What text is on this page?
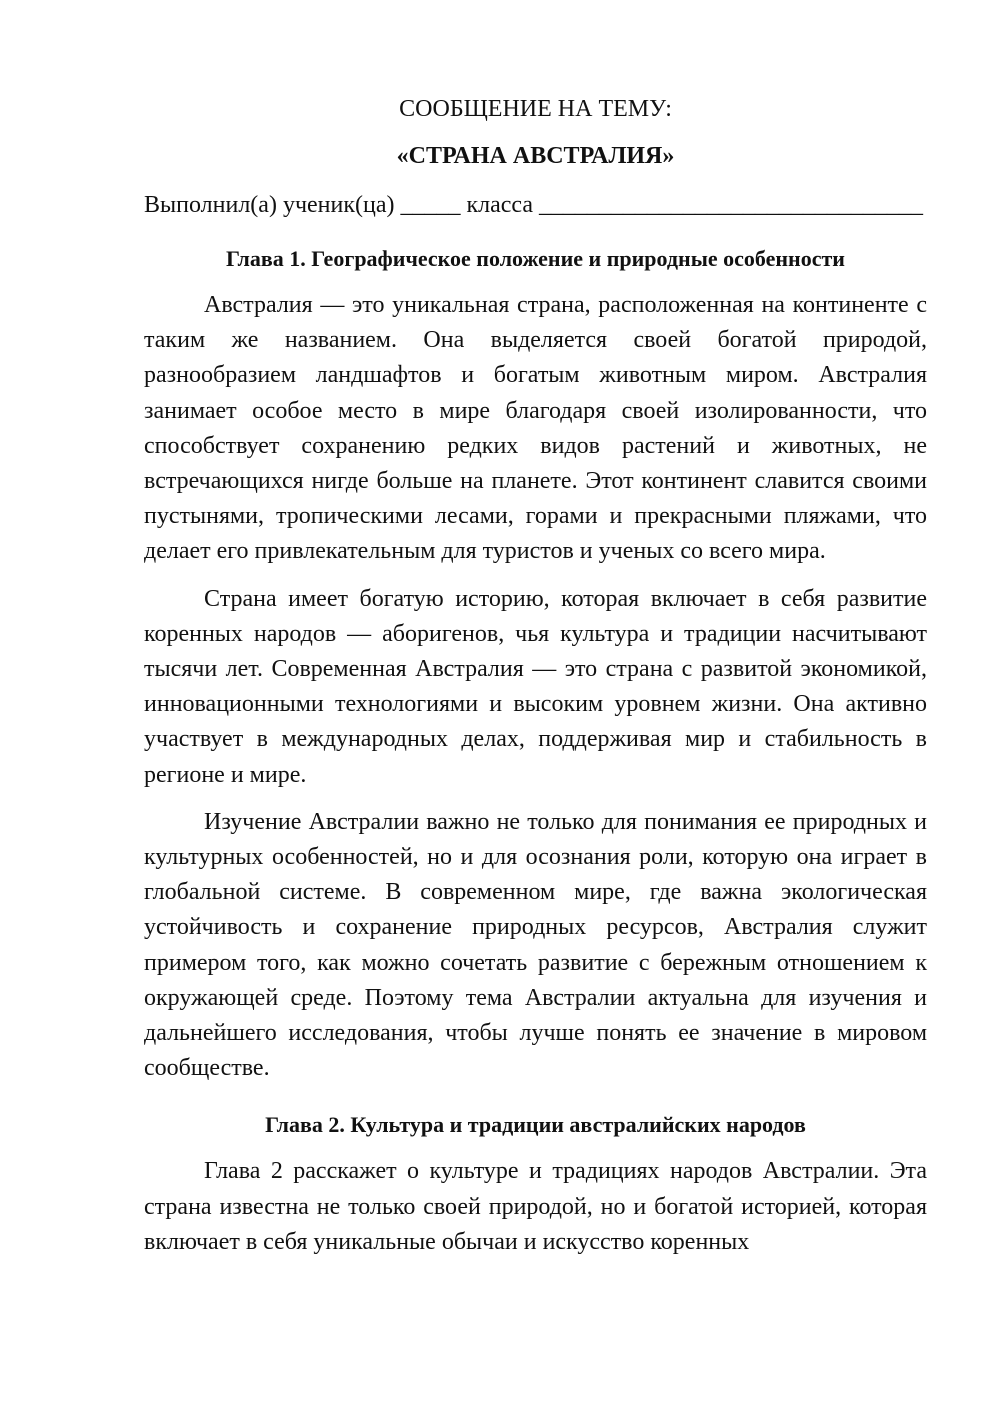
СООБЩЕНИЕ НА ТЕМУ:

«СТРАНА АВСТРАЛИЯ»

Выполнил(а) ученик(ца) _____ класса ________________________________

Глава 1. Географическое положение и природные особенности

Австралия — это уникальная страна, расположенная на континенте с таким же названием. Она выделяется своей богатой природой, разнообразием ландшафтов и богатым животным миром. Австралия занимает особое место в мире благодаря своей изолированности, что способствует сохранению редких видов растений и животных, не встречающихся нигде больше на планете. Этот континент славится своими пустынями, тропическими лесами, горами и прекрасными пляжами, что делает его привлекательным для туристов и ученых со всего мира.

Страна имеет богатую историю, которая включает в себя развитие коренных народов — аборигенов, чья культура и традиции насчитывают тысячи лет. Современная Австралия — это страна с развитой экономикой, инновационными технологиями и высоким уровнем жизни. Она активно участвует в международных делах, поддерживая мир и стабильность в регионе и мире.

Изучение Австралии важно не только для понимания ее природных и культурных особенностей, но и для осознания роли, которую она играет в глобальной системе. В современном мире, где важна экологическая устойчивость и сохранение природных ресурсов, Австралия служит примером того, как можно сочетать развитие с бережным отношением к окружающей среде. Поэтому тема Австралии актуальна для изучения и дальнейшего исследования, чтобы лучше понять ее значение в мировом сообществе.

Глава 2. Культура и традиции австралийских народов

Глава 2 расскажет о культуре и традициях народов Австралии. Эта страна известна не только своей природой, но и богатой историей, которая включает в себя уникальные обычаи и искусство коренных
